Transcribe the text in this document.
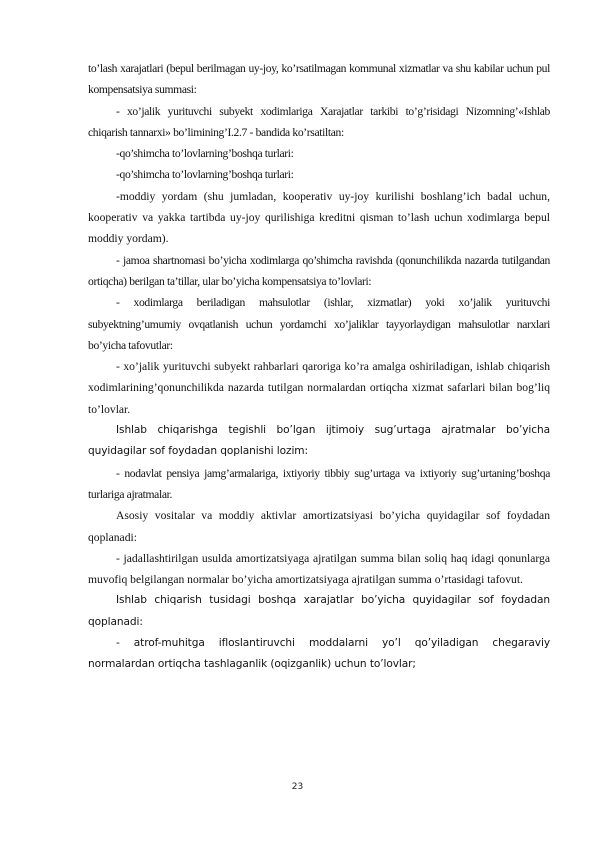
to’lash xarajatlari (bepul berilmagan uy-joy, ko’rsatilmagan kommunal xizmatlar va shu kabilar uchun pul kompensatsiya summasi:

- xo’jalik yurituvchi subyekt xodimlariga Xarajatlar tarkibi to’g’risidagi Nizomning’«Ishlab chiqarish tannarxi» bo’limining’I.2.7 - bandida ko’rsatiltan:

-qo’shimcha to’lovlarning’boshqa turlari:

-qo’shimcha to’lovlarning’boshqa turlari:

-moddiy yordam (shu jumladan, kooperativ uy-joy kurilishi boshlang’ich badal uchun, kooperativ va yakka tartibda uy-joy qurilishiga kreditni qisman to’lash uchun xodimlarga bepul moddiy yordam).

- jamoa shartnomasi bo’yicha xodimlarga qo’shimcha ravishda (qonunchilikda nazarda tutilgandan ortiqcha) berilgan ta’tillar, ular bo’yicha kompensatsiya to’lovlari:

- xodimlarga beriladigan mahsulotlar (ishlar, xizmatlar) yoki xo’jalik yurituvchi subyektning’umumiy ovqatlanish uchun yordamchi xo’jaliklar tayyorlaydigan mahsulotlar narxlari bo’yicha tafovutlar:

- xo’jalik yurituvchi subyekt rahbarlari qaroriga ko’ra amalga oshiriladigan, ishlab chiqarish xodimlarining’qonunchilikda nazarda tutilgan normalardan ortiqcha xizmat safarlari bilan bog’liq to’lovlar.

Ishlab chiqarishga tegishli bo’lgan ijtimoiy sug’urtaga ajratmalar bo’yicha quyidagilar sof foydadan qoplanishi lozim:

- nodavlat pensiya jamg’armalariga, ixtiyoriy tibbiy sug’urtaga va ixtiyoriy sug’urtaning’boshqa turlariga ajratmalar.

Asosiy vositalar va moddiy aktivlar amortizatsiyasi bo’yicha quyidagilar sof foydadan qoplanadi:

- jadallashtirilgan usulda amortizatsiyaga ajratilgan summa bilan soliq haq idagi qonunlarga muvofiq belgilangan normalar bo’yicha amortizatsiyaga ajratilgan summa o’rtasidagi tafovut.

Ishlab chiqarish tusidagi boshqa xarajatlar bo’yicha quyidagilar sof foydadan qoplanadi:

- atrof-muhitga ifloslantiruvchi moddalarni yo’l qo’yiladigan chegaraviy normalardan ortiqcha tashlaganlik (oqizganlik) uchun to’lovlar;

23
